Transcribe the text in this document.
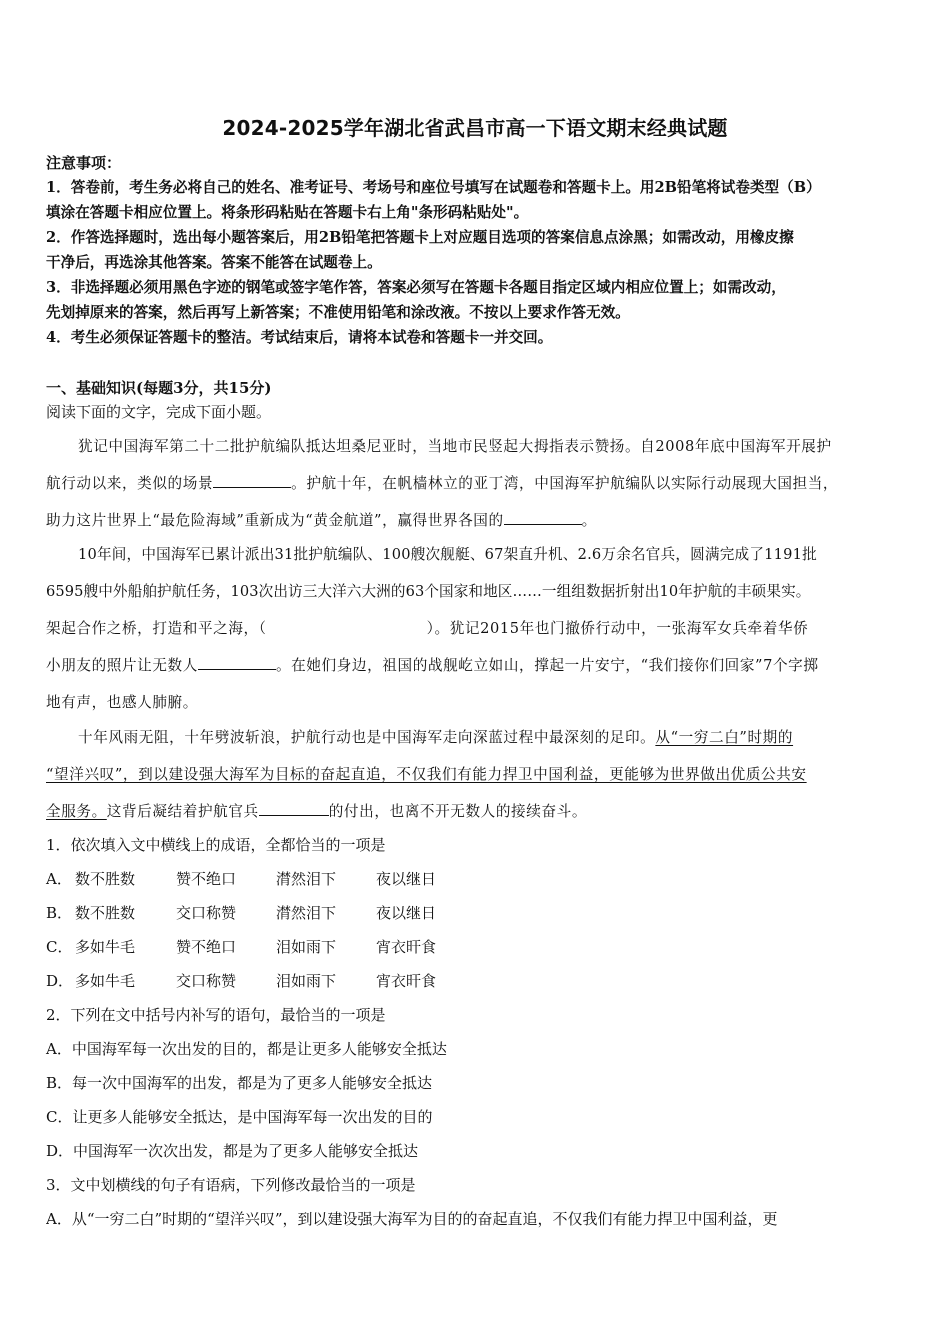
2024-2025学年湖北省武昌市高一下语文期末经典试题
注意事项：
1．答卷前，考生务必将自己的姓名、准考证号、考场号和座位号填写在试题卷和答题卡上。用2B铅笔将试卷类型（B）
填涂在答题卡相应位置上。将条形码粘贴在答题卡右上角"条形码粘贴处"。
2．作答选择题时，选出每小题答案后，用2B铅笔把答题卡上对应题目选项的答案信息点涂黑；如需改动，用橡皮擦
干净后，再选涂其他答案。答案不能答在试题卷上。
3．非选择题必须用黑色字迹的钢笔或签字笔作答，答案必须写在答题卡各题目指定区域内相应位置上；如需改动，
先划掉原来的答案，然后再写上新答案；不准使用铅笔和涂改液。不按以上要求作答无效。
4．考生必须保证答题卡的整洁。考试结束后，请将本试卷和答题卡一并交回。
一、基础知识(每题3分，共15分)
阅读下面的文字，完成下面小题。
犹记中国海军第二十二批护航编队抵达坦桑尼亚时，当地市民竖起大拇指表示赞扬。自2008年底中国海军开展护
航行动以来，类似的场景	。护航十年，在帆樯林立的亚丁湾，中国海军护航编队以实际行动展现大国担当，
助力这片世界上“最危险海域”重新成为“黄金航道”，赢得世界各国的	。
10年间，中国海军已累计派出31批护航编队、100艘次舰艇、67架直升机、2.6万余名官兵，圆满完成了1191批
6595艘中外船舶护航任务，103次出访三大洋六大洲的63个国家和地区……一组组数据折射出10年护航的丰硕果实。
架起合作之桥，打造和平之海，（	）。犹记2015年也门撤侨行动中，一张海军女兵牵着华侨
小朋友的照片让无数人	。在她们身边，祖国的战舰屹立如山，撑起一片安宁，“我们接你们回家”7个字掷
地有声，也感人肺腑。
十年风雨无阻，十年劈波斩浪，护航行动也是中国海军走向深蓝过程中最深刻的足印。从“一穷二白”时期的
“望洋兴叹”，到以建设强大海军为目标的奋起直追，不仅我们有能力捍卫中国利益，更能够为世界做出优质公共安
全服务。这背后凝结着护航官兵	的付出，也离不开无数人的接续奋斗。
1．依次填入文中横线上的成语，全都恰当的一项是
A． 数不胜数	赞不绝口	潸然泪下	夜以继日
B． 数不胜数	交口称赞	潸然泪下	夜以继日
C． 多如牛毛	赞不绝口	泪如雨下	宵衣旰食
D． 多如牛毛	交口称赞	泪如雨下	宵衣旰食
2．下列在文中括号内补写的语句，最恰当的一项是
A．中国海军每一次出发的目的，都是让更多人能够安全抵达
B．每一次中国海军的出发，都是为了更多人能够安全抵达
C．让更多人能够安全抵达，是中国海军每一次出发的目的
D．中国海军一次次出发，都是为了更多人能够安全抵达
3．文中划横线的句子有语病，下列修改最恰当的一项是
A．从“一穷二白”时期的“望洋兴叹”，到以建设强大海军为目的的奋起直追，不仅我们有能力捍卫中国利益，更
